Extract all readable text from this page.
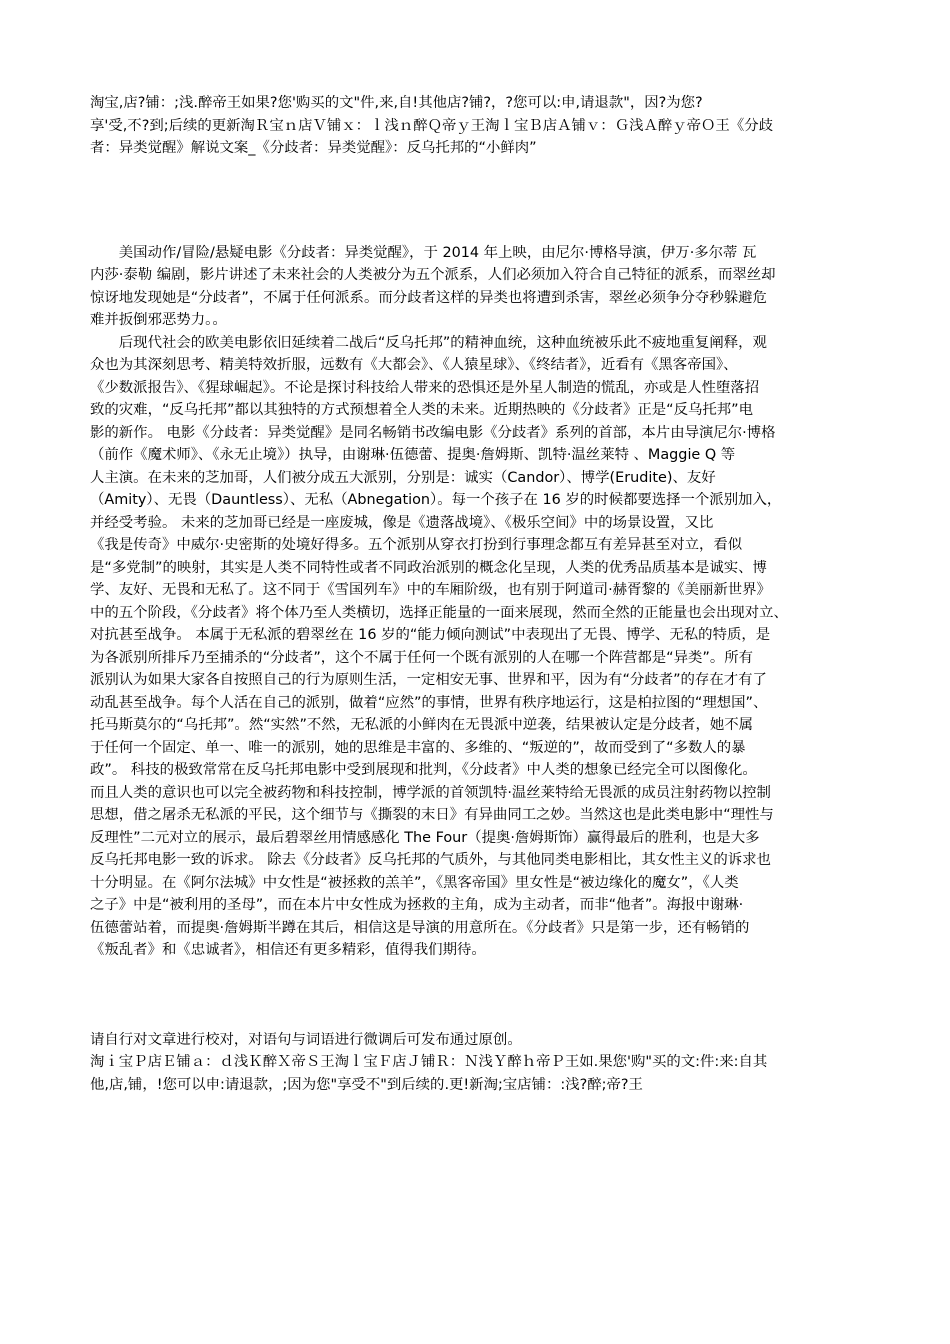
淘宝,店?铺：;浅.醉帝王如果?您'购买的文"件,来,自!其他店?铺?，?您可以:申,请退款"，因?为您?

享'受,不?到;后续的更新淘Ｒ宝ｎ店Ｖ铺ｘ：ｌ浅ｎ醉Ｑ帝ｙ王淘ｌ宝Ｂ店Ａ铺ｖ：Ｇ浅Ａ醉ｙ帝Ｏ王《分歧

者：异类觉醒》解说文案_《分歧者：异类觉醒》：反乌托邦的“小鲜肉”

　　美国动作/冒险/悬疑电影《分歧者：异类觉醒》，于 2014 年上映，由尼尔·博格导演，伊万·多尔蒂 瓦

内莎·泰勒 编剧，影片讲述了未来社会的人类被分为五个派系，人们必须加入符合自己特征的派系，而翠丝却

惊讶地发现她是“分歧者”，不属于任何派系。而分歧者这样的异类也将遭到杀害，翠丝必须争分夺秒躲避危

难并扳倒邪恶势力。。

　　后现代社会的欧美电影依旧延续着二战后“反乌托邦”的精神血统，这种血统被乐此不疲地重复阐释，观

众也为其深刻思考、精美特效折服，远数有《大都会》、《人猿星球》、《终结者》，近看有《黑客帝国》、

《少数派报告》、《猩球崛起》。不论是探讨科技给人带来的恐惧还是外星人制造的慌乱，亦或是人性堕落招

致的灾难，“反乌托邦”都以其独特的方式预想着全人类的未来。近期热映的《分歧者》正是“反乌托邦”电

影的新作。 电影《分歧者：异类觉醒》是同名畅销书改编电影《分歧者》系列的首部，本片由导演尼尔·博格

（前作《魔术师》、《永无止境》）执导，由谢琳·伍德蕾、提奥·詹姆斯、凯特·温丝莱特 、Maggie Q 等

人主演。在未来的芝加哥，人们被分成五大派别，分别是：诚实（Candor）、博学(Erudite)、友好

（Amity）、无畏（Dauntless）、无私（Abnegation）。每一个孩子在 16 岁的时候都要选择一个派别加入，

并经受考验。 未来的芝加哥已经是一座废城，像是《遗落战境》、《极乐空间》中的场景设置，又比

《我是传奇》中威尔·史密斯的处境好得多。五个派别从穿衣打扮到行事理念都互有差异甚至对立，看似

是“多党制”的映射，其实是人类不同特性或者不同政治派别的概念化呈现，人类的优秀品质基本是诚实、博

学、友好、无畏和无私了。这不同于《雪国列车》中的车厢阶级，也有别于阿道司·赫胥黎的《美丽新世界》

中的五个阶段，《分歧者》将个体乃至人类横切，选择正能量的一面来展现，然而全然的正能量也会出现对立、

对抗甚至战争。 本属于无私派的碧翠丝在 16 岁的“能力倾向测试”中表现出了无畏、博学、无私的特质，是

为各派别所排斥乃至捕杀的“分歧者”，这个不属于任何一个既有派别的人在哪一个阵营都是“异类”。所有

派别认为如果大家各自按照自己的行为原则生活，一定相安无事、世界和平，因为有“分歧者”的存在才有了

动乱甚至战争。每个人活在自己的派别，做着“应然”的事情，世界有秩序地运行，这是柏拉图的“理想国”、

托马斯莫尔的“乌托邦”。然“实然”不然，无私派的小鲜肉在无畏派中逆袭，结果被认定是分歧者，她不属

于任何一个固定、单一、唯一的派别，她的思维是丰富的、多维的、“叛逆的”，故而受到了“多数人的暴

政”。 科技的极致常常在反乌托邦电影中受到展现和批判，《分歧者》中人类的想象已经完全可以图像化。

而且人类的意识也可以完全被药物和科技控制，博学派的首领凯特·温丝莱特给无畏派的成员注射药物以控制

思想，借之屠杀无私派的平民，这个细节与《撕裂的末日》有异曲同工之妙。当然这也是此类电影中“理性与

反理性”二元对立的展示，最后碧翠丝用情感感化 The Four（提奥·詹姆斯饰）赢得最后的胜利，也是大多

反乌托邦电影一致的诉求。 除去《分歧者》反乌托邦的气质外，与其他同类电影相比，其女性主义的诉求也

十分明显。在《阿尔法城》中女性是“被拯救的羔羊”，《黑客帝国》里女性是“被边缘化的魔女”，《人类

之子》中是“被利用的圣母”，而在本片中女性成为拯救的主角，成为主动者，而非“他者”。海报中谢琳·

伍德蕾站着，而提奥·詹姆斯半蹲在其后，相信这是导演的用意所在。《分歧者》只是第一步，还有畅销的

《叛乱者》和《忠诚者》，相信还有更多精彩，值得我们期待。

请自行对文章进行校对，对语句与词语进行微调后可发布通过原创。

淘ｉ宝Ｐ店Ｅ铺ａ：ｄ浅Ｋ醉Ｘ帝Ｓ王淘ｌ宝Ｆ店Ｊ铺Ｒ：Ｎ浅Ｙ醉ｈ帝Ｐ王如.果您'购"买的文:件:来:自其

他,店,铺，!您可以申:请退款，;因为您"享受不"到后续的.更!新淘;宝店铺：:浅?醉;帝?王
